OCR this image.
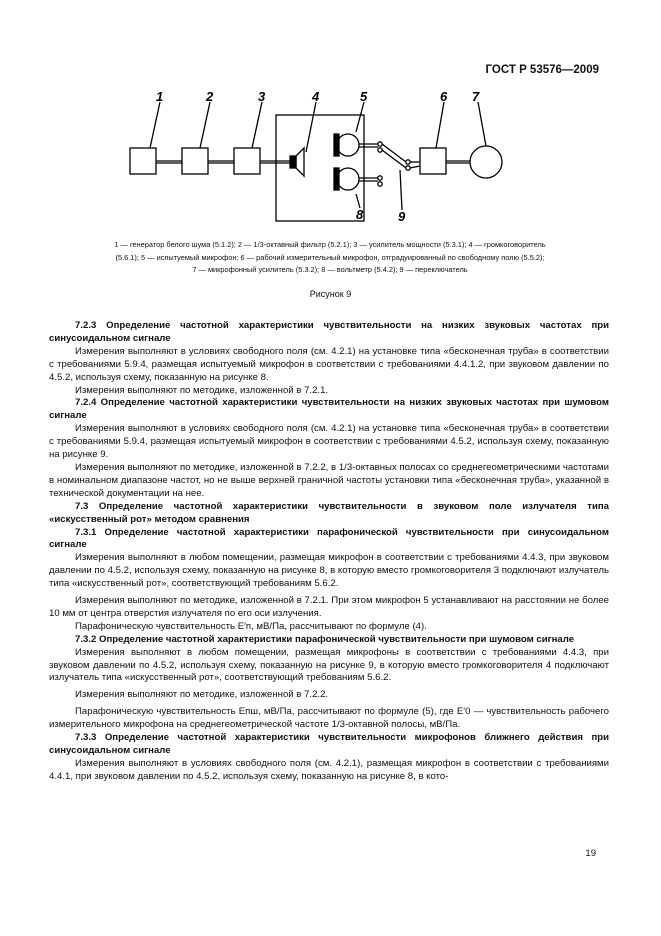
ГОСТ Р 53576—2009
1	2	3	4	5	6 7
8	9
1 — генератор белого шума (5.1.2); 2 — 1/3-октавный фильтр (5.2.1); 3 — усилитель мощности (5.3.1); 4 — громкоговоритель
(5.6.1); 5 — испытуемый микрофон; 6 — рабочий измерительный микрофон, отградуированный по свободному полю (5.5.2);
7 — микрофонный усилитель (5.3.2); 8 — вольтметр (5.4.2); 9 — переключатель
Рисунок 9

7.2.3 Определение частотной характеристики чувствительности на низких звуковых частотах при синусоидальном сигнале

Измерения выполняют в условиях свободного поля (см. 4.2.1) на установке типа «бесконечная труба» в соответствии с требованиями 5.9.4, размещая испытуемый микрофон в соответствии с требованиями 4.4.1.2, при звуковом давлении по 4.5.2, используя схему, показанную на рисунке 8.

Измерения выполняют по методике, изложенной в 7.2.1.

7.2.4 Определение частотной характеристики чувствительности на низких звуковых частотах при шумовом сигнале

Измерения выполняют в условиях свободного поля (см. 4.2.1) на установке типа «бесконечная труба» в соответствии с требованиями 5.9.4, размещая испытуемый микрофон в соответствии с требованиями 4.5.2, используя схему, показанную на рисунке 9.

Измерения выполняют по методике, изложенной в 7.2.2, в 1/3-октавных полосах со среднегеометрическими частотами в номинальном диапазоне частот, но не выше верхней граничной частоты установки типа «бесконечная труба», указанной в технической документации на нее.

7.3 Определение частотной характеристики чувствительности в звуковом поле излучателя типа «искусственный рот» методом сравнения

7.3.1 Определение частотной характеристики парафонической чувствительности при синусоидальном сигнале

Измерения выполняют в любом помещении, размещая микрофон в соответствии с требованиями 4.4.3, при звуковом давлении по 4.5.2, используя схему, показанную на рисунке 8, в которую вместо громкоговорителя 3 подключают излучатель типа «искусственный рот», соответствующий требованиям 5.6.2.

Измерения выполняют по методике, изложенной в 7.2.1. При этом микрофон 5 устанавливают на расстоянии не более 10 мм от центра отверстия излучателя по его оси излучения.

Парафоническую чувствительность E′п, мВ/Па, рассчитывают по формуле (4).

7.3.2 Определение частотной характеристики парафонической чувствительности при шумовом сигнале

Измерения выполняют в любом помещении, размещая микрофоны в соответствии с требованиями 4.4.3, при звуковом давлении по 4.5.2, используя схему, показанную на рисунке 9, в которую вместо громкоговорителя 4 подключают излучатель типа «искусственный рот», соответствующий требованиям 5.6.2.

Измерения выполняют по методике, изложенной в 7.2.2.

Парафоническую чувствительность Eпш, мВ/Па, рассчитывают по формуле (5), где E′0 — чувствительность рабочего измерительного микрофона на среднегеометрической частоте 1/3-октавной полосы, мВ/Па.

7.3.3 Определение частотной характеристики чувствительности микрофонов ближнего действия при синусоидальном сигнале

Измерения выполняют в условиях свободного поля (см. 4.2.1), размещая микрофон в соответствии с требованиями 4.4.1, при звуковом давлении по 4.5.2, используя схему, показанную на рисунке 8, в кото-

19
